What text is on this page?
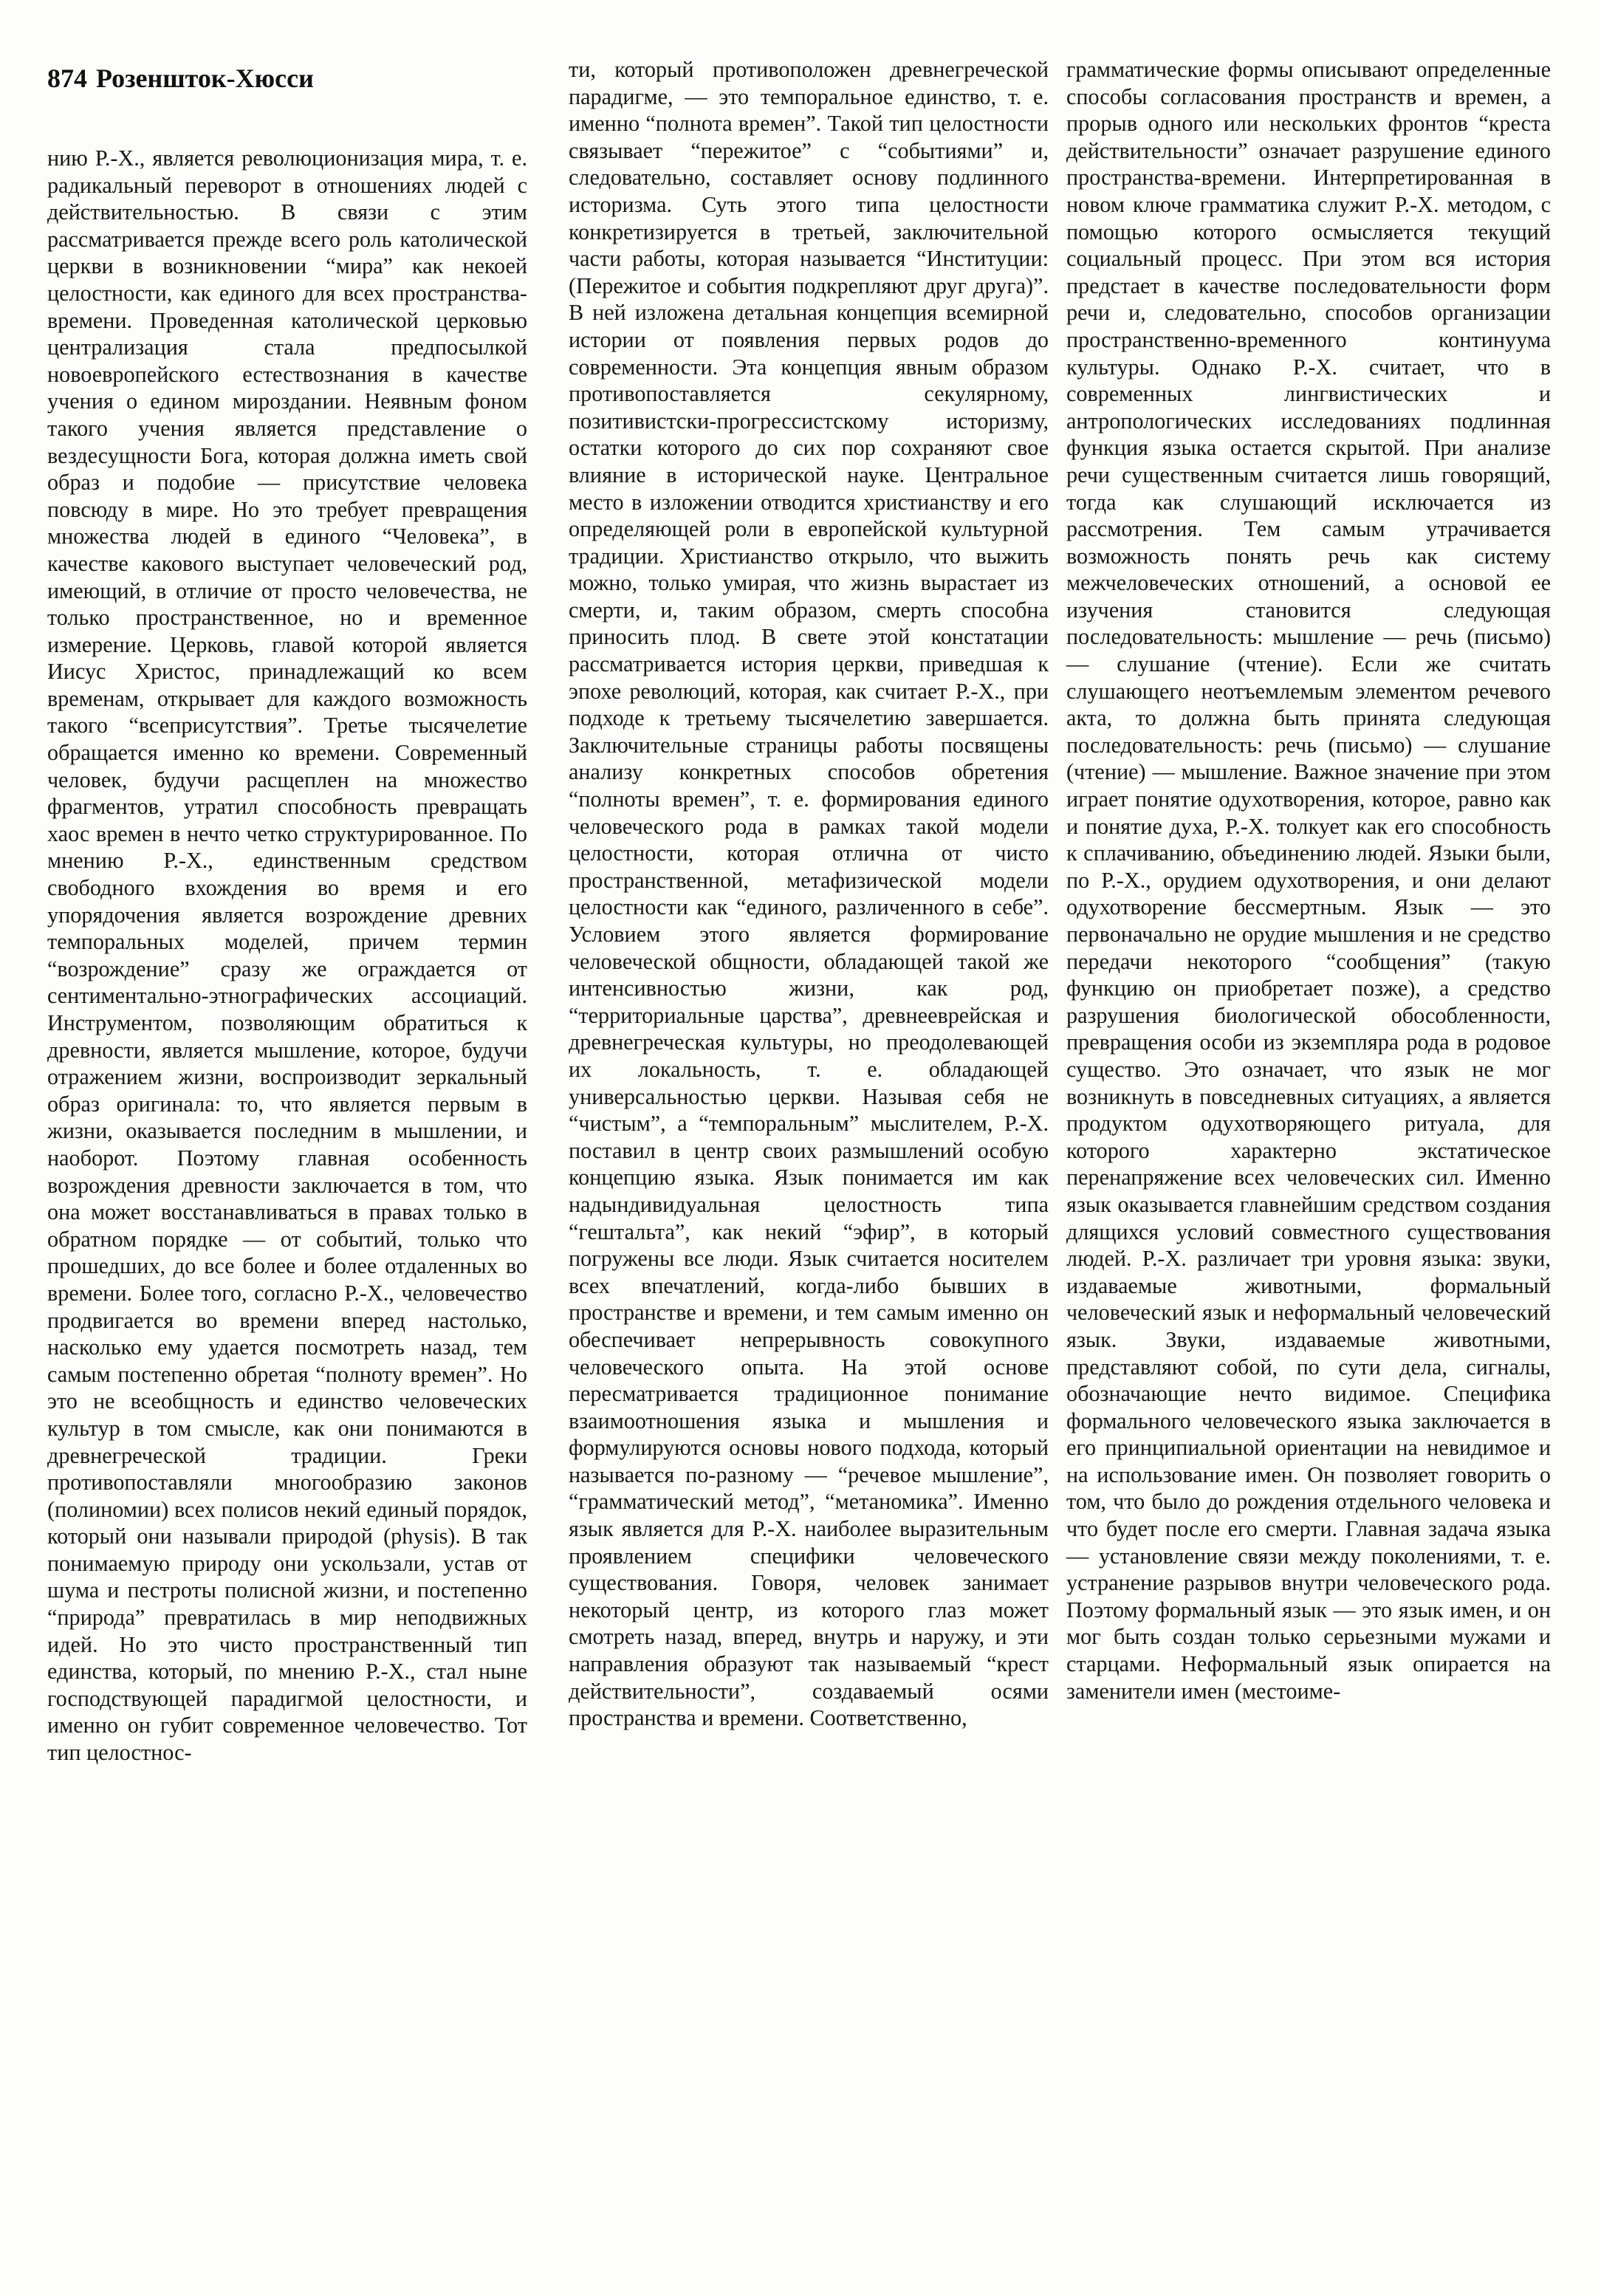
874 Розеншток-Хюсси

нию Р.-Х., является революционизация мира, т. е. радикальный переворот в отношениях людей с действительностью. В связи с этим рассматривается прежде всего роль католической церкви в возникновении “мира” как некоей целостности, как единого для всех пространства-времени. Проведенная католической церковью централизация стала предпосылкой новоевропейского естествознания в качестве учения о едином мироздании. Неявным фоном такого учения является представление о вездесущности Бога, которая должна иметь свой образ и подобие — присутствие человека повсюду в мире. Но это требует превращения множества людей в единого “Человека”, в качестве какового выступает человеческий род, имеющий, в отличие от просто человечества, не только пространственное, но и временное измерение. Церковь, главой которой является Иисус Христос, принадлежащий ко всем временам, открывает для каждого возможность такого “всеприсутствия”. Третье тысячелетие обращается именно ко времени. Современный человек, будучи расщеплен на множество фрагментов, утратил способность превращать хаос времен в нечто четко структурированное. По мнению Р.-Х., единственным средством свободного вхождения во время и его упорядочения является возрождение древних темпоральных моделей, причем термин “возрождение” сразу же ограждается от сентиментально-этнографических ассоциаций. Инструментом, позволяющим обратиться к древности, является мышление, которое, будучи отражением жизни, воспроизводит зеркальный образ оригинала: то, что является первым в жизни, оказывается последним в мышлении, и наоборот. Поэтому главная особенность возрождения древности заключается в том, что она может восстанавливаться в правах только в обратном порядке — от событий, только что прошедших, до все более и более отдаленных во времени. Более того, согласно Р.-Х., человечество продвигается во времени вперед настолько, насколько ему удается посмотреть назад, тем самым постепенно обретая “полноту времен”. Но это не всеобщность и единство человеческих культур в том смысле, как они понимаются в древнегреческой традиции. Греки противопоставляли многообразию законов (полиномии) всех полисов некий единый порядок, который они называли природой (physis). В так понимаемую природу они ускользали, устав от шума и пестроты полисной жизни, и постепенно “природа” превратилась в мир неподвижных идей. Но это чисто пространственный тип единства, который, по мнению Р.-Х., стал ныне господствующей парадигмой целостности, и именно он губит современное человечество. Тот тип целостнос-

ти, который противоположен древнегреческой парадигме, — это темпоральное единство, т. е. именно “полнота времен”. Такой тип целостности связывает “пережитое” с “событиями” и, следовательно, составляет основу подлинного историзма. Суть этого типа целостности конкретизируется в третьей, заключительной части работы, которая называется “Институции: (Пережитое и события подкрепляют друг друга)”. В ней изложена детальная концепция всемирной истории от появления первых родов до современности. Эта концепция явным образом противопоставляется секулярному, позитивистски-прогрессистскому историзму, остатки которого до сих пор сохраняют свое влияние в исторической науке. Центральное место в изложении отводится христианству и его определяющей роли в европейской культурной традиции. Христианство открыло, что выжить можно, только умирая, что жизнь вырастает из смерти, и, таким образом, смерть способна приносить плод. В свете этой констатации рассматривается история церкви, приведшая к эпохе революций, которая, как считает Р.-Х., при подходе к третьему тысячелетию завершается. Заключительные страницы работы посвящены анализу конкретных способов обретения “полноты времен”, т. е. формирования единого человеческого рода в рамках такой модели целостности, которая отлична от чисто пространственной, метафизической модели целостности как “единого, различенного в себе”. Условием этого является формирование человеческой общности, обладающей такой же интенсивностью жизни, как род, “территориальные царства”, древнееврейская и древнегреческая культуры, но преодолевающей их локальность, т. е. обладающей универсальностью церкви. Называя себя не “чистым”, а “темпоральным” мыслителем, Р.-Х. поставил в центр своих размышлений особую концепцию языка. Язык понимается им как надындивидуальная целостность типа “гештальта”, как некий “эфир”, в который погружены все люди. Язык считается носителем всех впечатлений, когда-либо бывших в пространстве и времени, и тем самым именно он обеспечивает непрерывность совокупного человеческого опыта. На этой основе пересматривается традиционное понимание взаимоотношения языка и мышления и формулируются основы нового подхода, который называется по-разному — “речевое мышление”, “грамматический метод”, “метаномика”. Именно язык является для Р.-Х. наиболее выразительным проявлением специфики человеческого существования. Говоря, человек занимает некоторый центр, из которого глаз может смотреть назад, вперед, внутрь и наружу, и эти направления образуют так называемый “крест действительности”, создаваемый осями пространства и времени. Соответственно,

грамматические формы описывают определенные способы согласования пространств и времен, а прорыв одного или нескольких фронтов “креста действительности” означает разрушение единого пространства-времени. Интерпретированная в новом ключе грамматика служит Р.-Х. методом, с помощью которого осмысляется текущий социальный процесс. При этом вся история предстает в качестве последовательности форм речи и, следовательно, способов организации пространственно-временного континуума культуры. Однако Р.-Х. считает, что в современных лингвистических и антропологических исследованиях подлинная функция языка остается скрытой. При анализе речи существенным считается лишь говорящий, тогда как слушающий исключается из рассмотрения. Тем самым утрачивается возможность понять речь как систему межчеловеческих отношений, а основой ее изучения становится следующая последовательность: мышление — речь (письмо) — слушание (чтение). Если же считать слушающего неотъемлемым элементом речевого акта, то должна быть принята следующая последовательность: речь (письмо) — слушание (чтение) — мышление. Важное значение при этом играет понятие одухотворения, которое, равно как и понятие духа, Р.-Х. толкует как его способность к сплачиванию, объединению людей. Языки были, по Р.-Х., орудием одухотворения, и они делают одухотворение бессмертным. Язык — это первоначально не орудие мышления и не средство передачи некоторого “сообщения” (такую функцию он приобретает позже), а средство разрушения биологической обособленности, превращения особи из экземпляра рода в родовое существо. Это означает, что язык не мог возникнуть в повседневных ситуациях, а является продуктом одухотворяющего ритуала, для которого характерно экстатическое перенапряжение всех человеческих сил. Именно язык оказывается главнейшим средством создания длящихся условий совместного существования людей. Р.-Х. различает три уровня языка: звуки, издаваемые животными, формальный человеческий язык и неформальный человеческий язык. Звуки, издаваемые животными, представляют собой, по сути дела, сигналы, обозначающие нечто видимое. Специфика формального человеческого языка заключается в его принципиальной ориентации на невидимое и на использование имен. Он позволяет говорить о том, что было до рождения отдельного человека и что будет после его смерти. Главная задача языка — установление связи между поколениями, т. е. устранение разрывов внутри человеческого рода. Поэтому формальный язык — это язык имен, и он мог быть создан только серьезными мужами и старцами. Неформальный язык опирается на заменители имен (местоиме-
